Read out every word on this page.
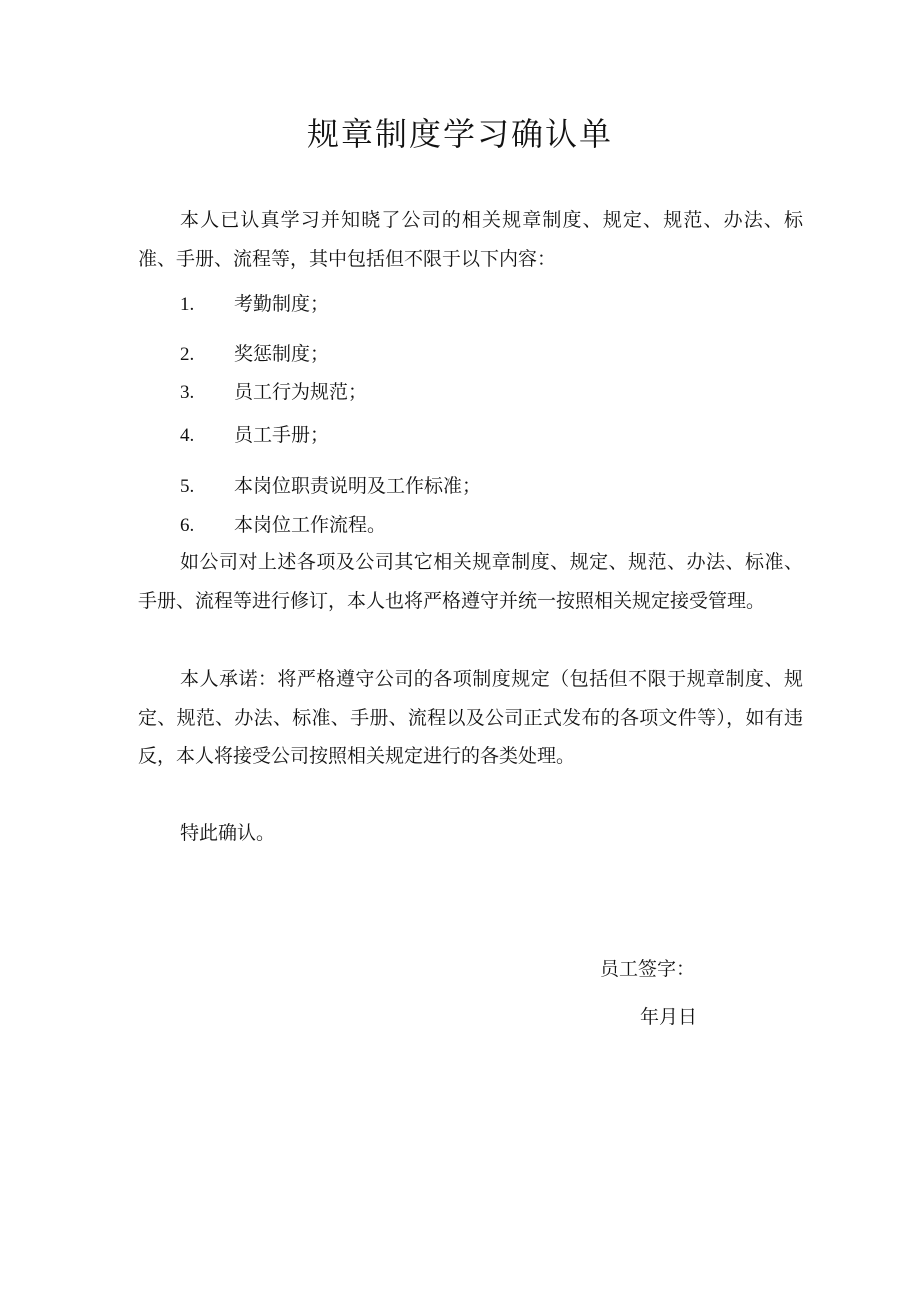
规章制度学习确认单

本人已认真学习并知晓了公司的相关规章制度、规定、规范、办法、标准、手册、流程等，其中包括但不限于以下内容：

1. 考勤制度；
2. 奖惩制度；
3. 员工行为规范；
4. 员工手册；
5. 本岗位职责说明及工作标准；
6. 本岗位工作流程。

如公司对上述各项及公司其它相关规章制度、规定、规范、办法、标准、手册、流程等进行修订，本人也将严格遵守并统一按照相关规定接受管理。

本人承诺：将严格遵守公司的各项制度规定（包括但不限于规章制度、规定、规范、办法、标准、手册、流程以及公司正式发布的各项文件等），如有违反，本人将接受公司按照相关规定进行的各类处理。

特此确认。
员工签字：
年月日
